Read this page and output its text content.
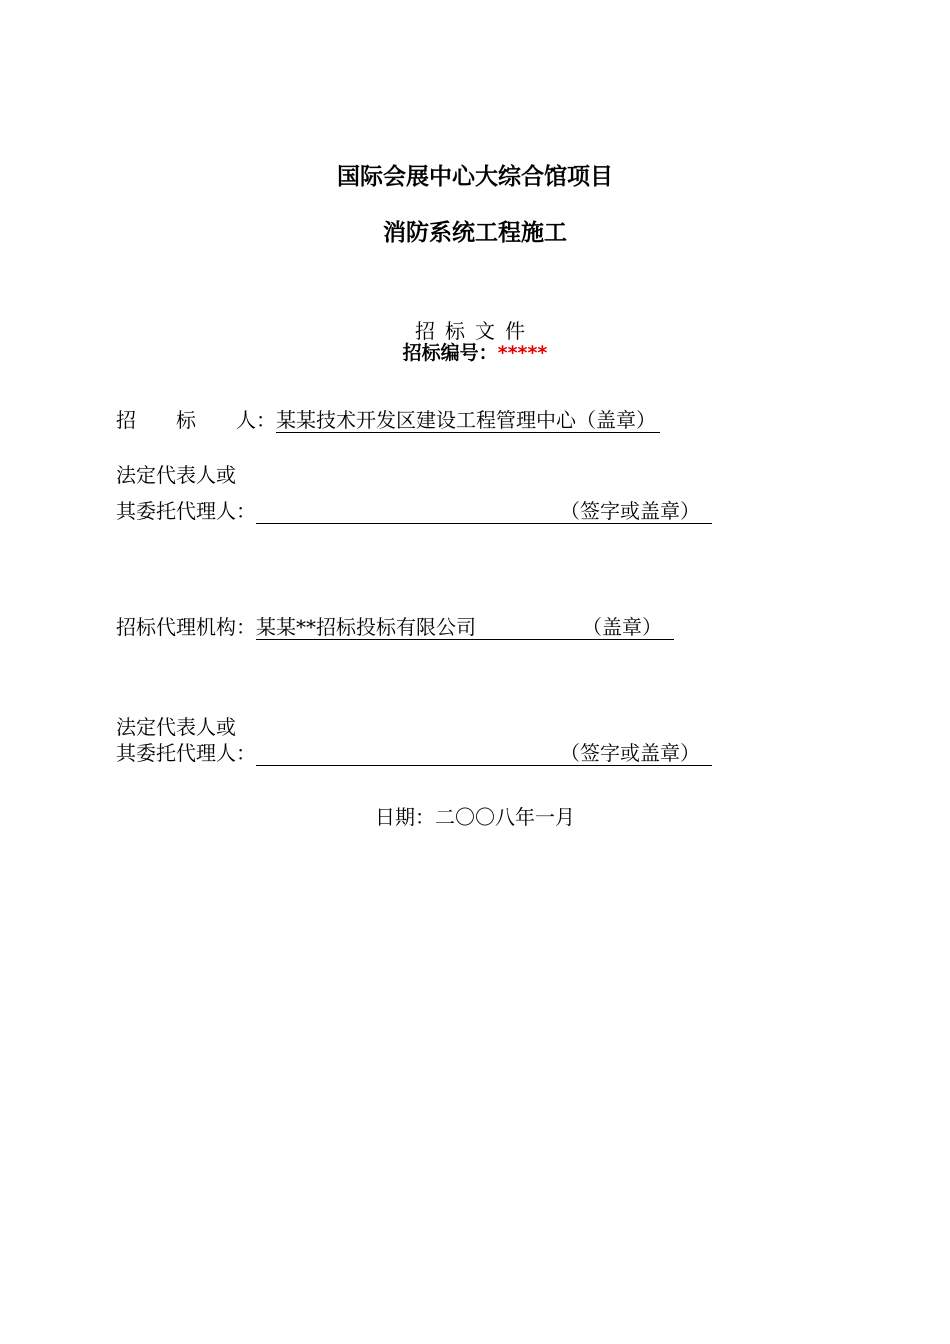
国际会展中心大综合馆项目
消防系统工程施工
招标文件
招标编号：*****
招　　标　　人：某某技术开发区建设工程管理中心（盖章）
法定代表人或
其委托代理人：	（签字或盖章）
招标代理机构：某某**招标投标有限公司	（盖章）
法定代表人或
其委托代理人：	（签字或盖章）
日期：二〇〇八年一月
